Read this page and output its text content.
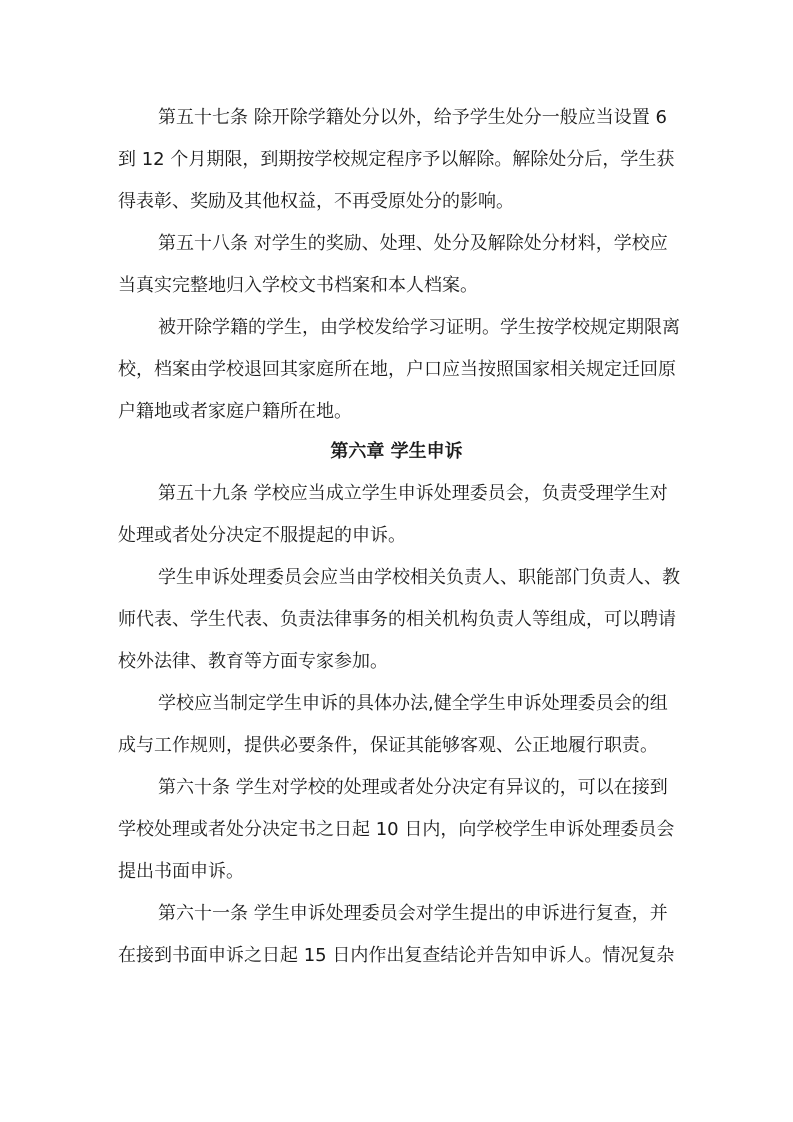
第五十七条 除开除学籍处分以外，给予学生处分一般应当设置 6
到 12 个月期限，到期按学校规定程序予以解除。解除处分后，学生获
得表彰、奖励及其他权益，不再受原处分的影响。
第五十八条 对学生的奖励、处理、处分及解除处分材料，学校应
当真实完整地归入学校文书档案和本人档案。
被开除学籍的学生，由学校发给学习证明。学生按学校规定期限离
校，档案由学校退回其家庭所在地，户口应当按照国家相关规定迁回原
户籍地或者家庭户籍所在地。
第六章 学生申诉
第五十九条 学校应当成立学生申诉处理委员会，负责受理学生对
处理或者处分决定不服提起的申诉。
学生申诉处理委员会应当由学校相关负责人、职能部门负责人、教
师代表、学生代表、负责法律事务的相关机构负责人等组成，可以聘请
校外法律、教育等方面专家参加。
学校应当制定学生申诉的具体办法,健全学生申诉处理委员会的组
成与工作规则，提供必要条件，保证其能够客观、公正地履行职责。
第六十条 学生对学校的处理或者处分决定有异议的，可以在接到
学校处理或者处分决定书之日起 10 日内，向学校学生申诉处理委员会
提出书面申诉。
第六十一条 学生申诉处理委员会对学生提出的申诉进行复查，并
在接到书面申诉之日起 15 日内作出复查结论并告知申诉人。情况复杂
